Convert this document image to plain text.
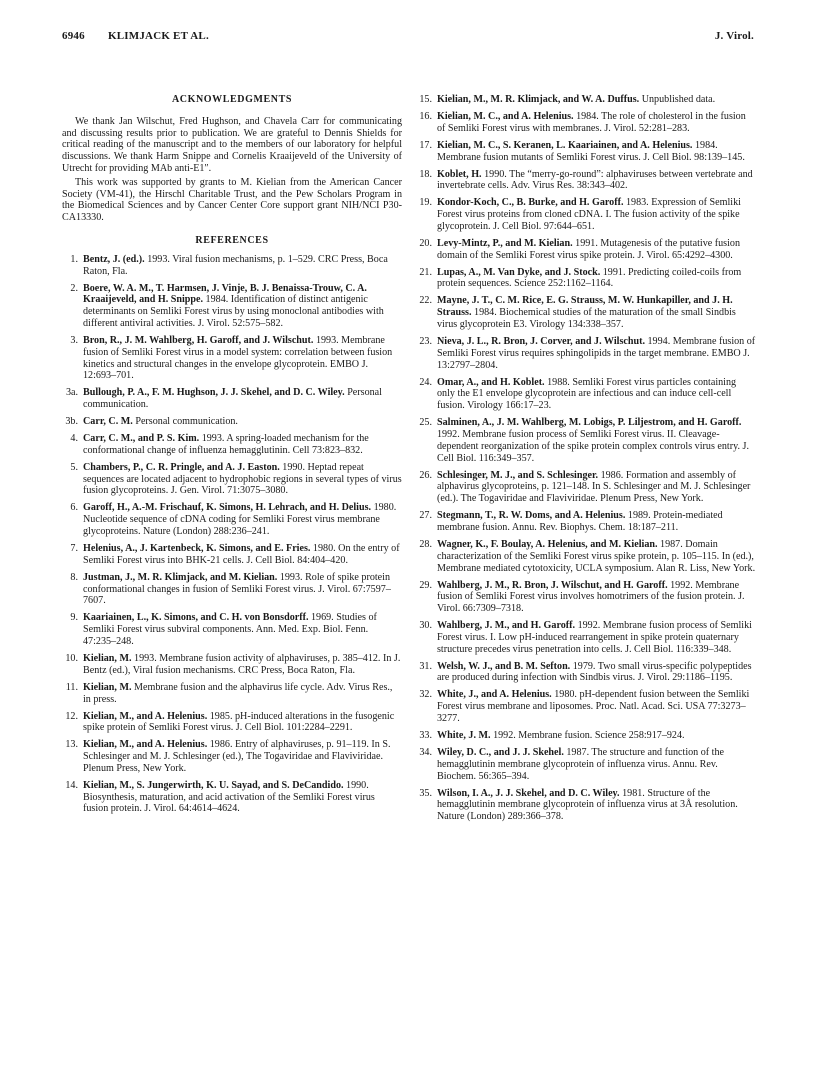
6946 KLIMJACK ET AL.	J. Virol.
ACKNOWLEDGMENTS

We thank Jan Wilschut, Fred Hughson, and Chavela Carr for communicating and discussing results prior to publication. We are grateful to Dennis Shields for critical reading of the manuscript and to the members of our laboratory for helpful discussions. We thank Harm Snippe and Cornelis Kraaijeveld of the University of Utrecht for providing MAb anti-E1″.

This work was supported by grants to M. Kielian from the American Cancer Society (VM-41), the Hirschl Charitable Trust, and the Pew Scholars Program in the Biomedical Sciences and by Cancer Center Core support grant NIH/NCI P30-CA13330.

REFERENCES
1. Bentz, J. (ed.). 1993. Viral fusion mechanisms, p. 1–529. CRC Press, Boca Raton, Fla.
2. Boere, W. A. M., T. Harmsen, J. Vinje, B. J. Benaissa-Trouw, C. A. Kraaijeveld, and H. Snippe. 1984. Identification of distinct antigenic determinants on Semliki Forest virus by using monoclonal antibodies with different antiviral activities. J. Virol. 52:575–582.
3. Bron, R., J. M. Wahlberg, H. Garoff, and J. Wilschut. 1993. Membrane fusion of Semliki Forest virus in a model system: correlation between fusion kinetics and structural changes in the envelope glycoprotein. EMBO J. 12:693–701.
3a. Bullough, P. A., F. M. Hughson, J. J. Skehel, and D. C. Wiley. Personal communication.
3b. Carr, C. M. Personal communication.
4. Carr, C. M., and P. S. Kim. 1993. A spring-loaded mechanism for the conformational change of influenza hemagglutinin. Cell 73:823–832.
5. Chambers, P., C. R. Pringle, and A. J. Easton. 1990. Heptad repeat sequences are located adjacent to hydrophobic regions in several types of virus fusion glycoproteins. J. Gen. Virol. 71:3075–3080.
6. Garoff, H., A.-M. Frischauf, K. Simons, H. Lehrach, and H. Delius. 1980. Nucleotide sequence of cDNA coding for Semliki Forest virus membrane glycoproteins. Nature (London) 288:236–241.
7. Helenius, A., J. Kartenbeck, K. Simons, and E. Fries. 1980. On the entry of Semliki Forest virus into BHK-21 cells. J. Cell Biol. 84:404–420.
8. Justman, J., M. R. Klimjack, and M. Kielian. 1993. Role of spike protein conformational changes in fusion of Semliki Forest virus. J. Virol. 67:7597–7607.
9. Kaariainen, L., K. Simons, and C. H. von Bonsdorff. 1969. Studies of Semliki Forest virus subviral components. Ann. Med. Exp. Biol. Fenn. 47:235–248.
10. Kielian, M. 1993. Membrane fusion activity of alphaviruses, p. 385–412. In J. Bentz (ed.), Viral fusion mechanisms. CRC Press, Boca Raton, Fla.
11. Kielian, M. Membrane fusion and the alphavirus life cycle. Adv. Virus Res., in press.
12. Kielian, M., and A. Helenius. 1985. pH-induced alterations in the fusogenic spike protein of Semliki Forest virus. J. Cell Biol. 101:2284–2291.
13. Kielian, M., and A. Helenius. 1986. Entry of alphaviruses, p. 91–119. In S. Schlesinger and M. J. Schlesinger (ed.), The Togaviridae and Flaviviridae. Plenum Press, New York.
14. Kielian, M., S. Jungerwirth, K. U. Sayad, and S. DeCandido. 1990. Biosynthesis, maturation, and acid activation of the Semliki Forest virus fusion protein. J. Virol. 64:4614–4624.
15. Kielian, M., M. R. Klimjack, and W. A. Duffus. Unpublished data.
16. Kielian, M. C., and A. Helenius. 1984. The role of cholesterol in the fusion of Semliki Forest virus with membranes. J. Virol. 52:281–283.
17. Kielian, M. C., S. Keranen, L. Kaariainen, and A. Helenius. 1984. Membrane fusion mutants of Semliki Forest virus. J. Cell Biol. 98:139–145.
18. Koblet, H. 1990. The “merry-go-round”: alphaviruses between vertebrate and invertebrate cells. Adv. Virus Res. 38:343–402.
19. Kondor-Koch, C., B. Burke, and H. Garoff. 1983. Expression of Semliki Forest virus proteins from cloned cDNA. I. The fusion activity of the spike glycoprotein. J. Cell Biol. 97:644–651.
20. Levy-Mintz, P., and M. Kielian. 1991. Mutagenesis of the putative fusion domain of the Semliki Forest virus spike protein. J. Virol. 65:4292–4300.
21. Lupas, A., M. Van Dyke, and J. Stock. 1991. Predicting coiled-coils from protein sequences. Science 252:1162–1164.
22. Mayne, J. T., C. M. Rice, E. G. Strauss, M. W. Hunkapiller, and J. H. Strauss. 1984. Biochemical studies of the maturation of the small Sindbis virus glycoprotein E3. Virology 134:338–357.
23. Nieva, J. L., R. Bron, J. Corver, and J. Wilschut. 1994. Membrane fusion of Semliki Forest virus requires sphingolipids in the target membrane. EMBO J. 13:2797–2804.
24. Omar, A., and H. Koblet. 1988. Semliki Forest virus particles containing only the E1 envelope glycoprotein are infectious and can induce cell-cell fusion. Virology 166:17–23.
25. Salminen, A., J. M. Wahlberg, M. Lobigs, P. Liljestrom, and H. Garoff. 1992. Membrane fusion process of Semliki Forest virus. II. Cleavage-dependent reorganization of the spike protein complex controls virus entry. J. Cell Biol. 116:349–357.
26. Schlesinger, M. J., and S. Schlesinger. 1986. Formation and assembly of alphavirus glycoproteins, p. 121–148. In S. Schlesinger and M. J. Schlesinger (ed.). The Togaviridae and Flaviviridae. Plenum Press, New York.
27. Stegmann, T., R. W. Doms, and A. Helenius. 1989. Protein-mediated membrane fusion. Annu. Rev. Biophys. Chem. 18:187–211.
28. Wagner, K., F. Boulay, A. Helenius, and M. Kielian. 1987. Domain characterization of the Semliki Forest virus spike protein, p. 105–115. In (ed.), Membrane mediated cytotoxicity, UCLA symposium. Alan R. Liss, New York.
29. Wahlberg, J. M., R. Bron, J. Wilschut, and H. Garoff. 1992. Membrane fusion of Semliki Forest virus involves homotrimers of the fusion protein. J. Virol. 66:7309–7318.
30. Wahlberg, J. M., and H. Garoff. 1992. Membrane fusion process of Semliki Forest virus. I. Low pH-induced rearrangement in spike protein quaternary structure precedes virus penetration into cells. J. Cell Biol. 116:339–348.
31. Welsh, W. J., and B. M. Sefton. 1979. Two small virus-specific polypeptides are produced during infection with Sindbis virus. J. Virol. 29:1186–1195.
32. White, J., and A. Helenius. 1980. pH-dependent fusion between the Semliki Forest virus membrane and liposomes. Proc. Natl. Acad. Sci. USA 77:3273–3277.
33. White, J. M. 1992. Membrane fusion. Science 258:917–924.
34. Wiley, D. C., and J. J. Skehel. 1987. The structure and function of the hemagglutinin membrane glycoprotein of influenza virus. Annu. Rev. Biochem. 56:365–394.
35. Wilson, I. A., J. J. Skehel, and D. C. Wiley. 1981. Structure of the hemagglutinin membrane glycoprotein of influenza virus at 3Å resolution. Nature (London) 289:366–378.
